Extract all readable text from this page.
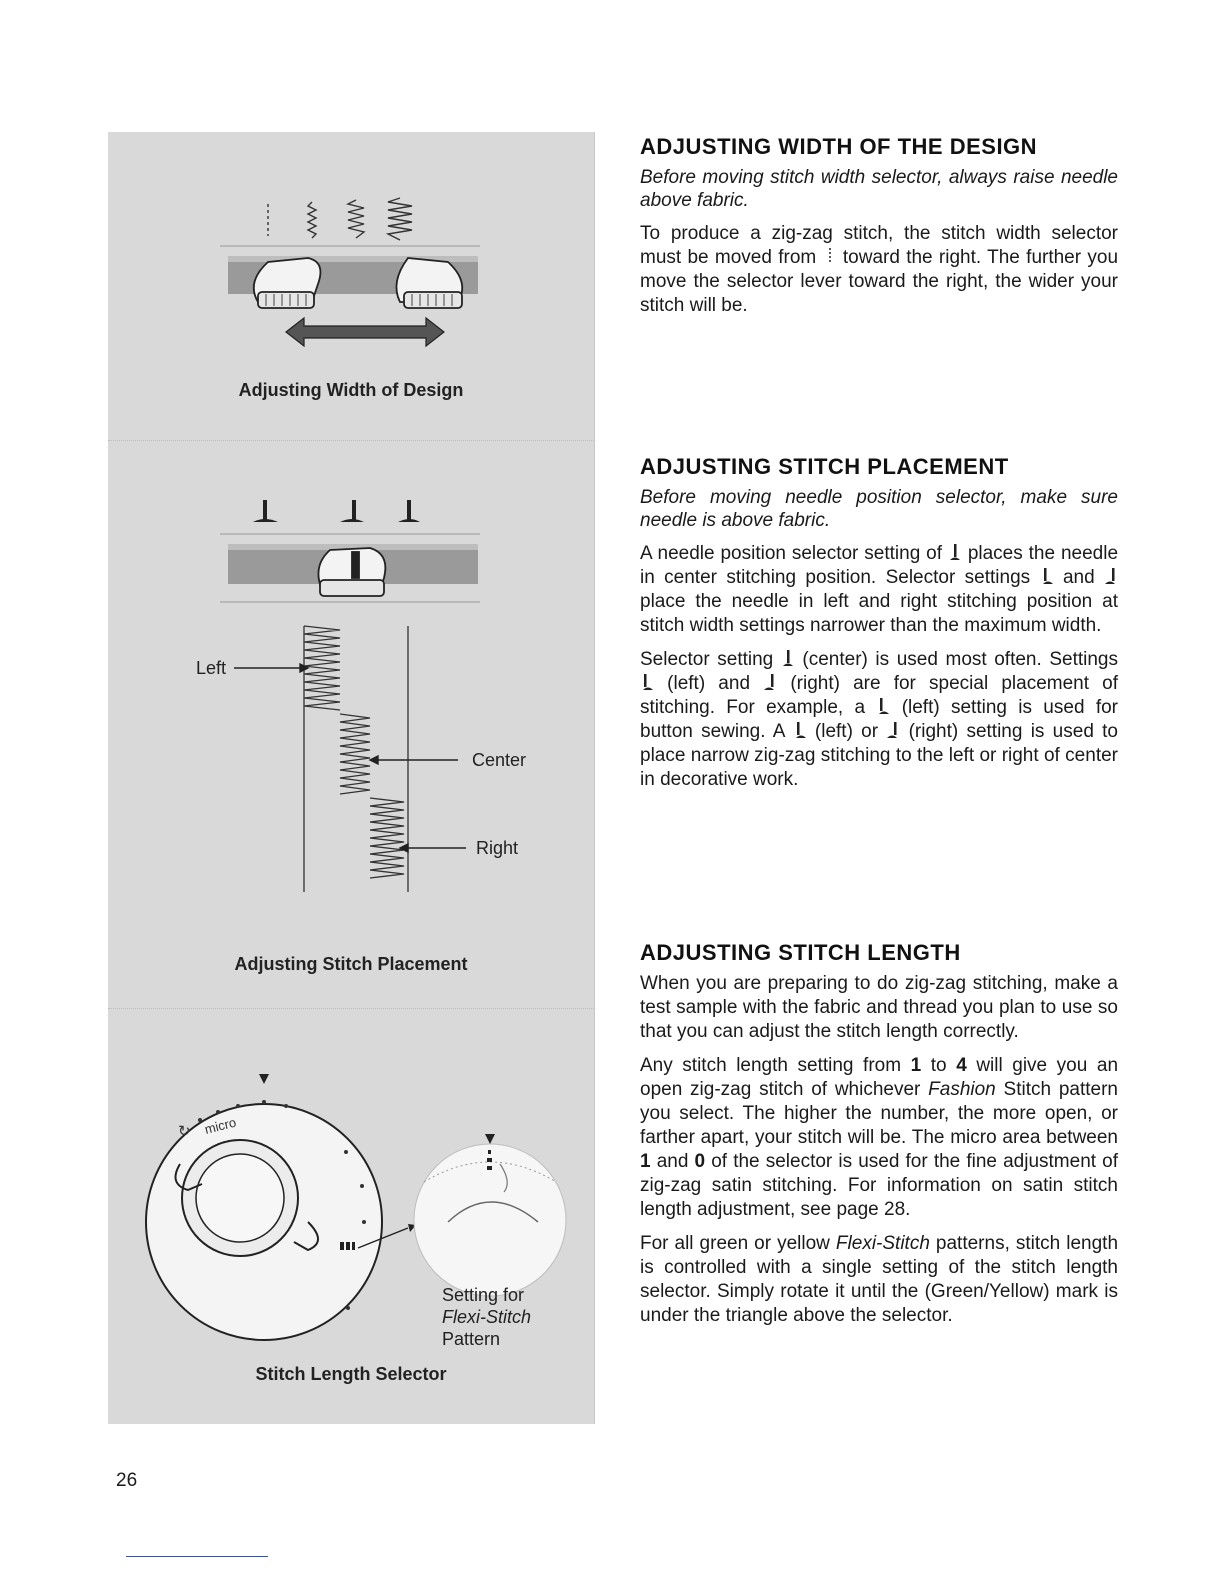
Adjusting Width of Design
Left
Center
Right
Adjusting Stitch Placement
micro
↻
Setting for
Flexi-Stitch
Pattern
Stitch Length Selector
ADJUSTING WIDTH OF THE DESIGN

Before moving stitch width selector, always raise needle above fabric.

To produce a zig-zag stitch, the stitch width selector must be moved from toward the right. The further you move the selector lever toward the right, the wider your stitch will be.

ADJUSTING STITCH PLACEMENT

Before moving needle position selector, make sure needle is above fabric.

A needle position selector setting of places the needle in center stitching position. Selector settings and  place the needle in left and right stitching position at stitch width settings narrower than the maximum width.

Selector setting (center) is used most often. Settings  (left) and (right) are for special placement of stitching. For example, a (left) setting is used for button sewing. A (left) or (right) setting is used to place narrow zig-zag stitching to the left or right of center in decorative work.

ADJUSTING STITCH LENGTH

When you are preparing to do zig-zag stitching, make a test sample with the fabric and thread you plan to use so that you can adjust the stitch length correctly.

Any stitch length setting from 1 to 4 will give you an open zig-zag stitch of whichever Fashion Stitch pattern you select. The higher the number, the more open, or farther apart, your stitch will be. The micro area between 1 and 0 of the selector is used for the fine adjustment of zig-zag satin stitching. For information on satin stitch length adjustment, see page 28.

For all green or yellow Flexi-Stitch patterns, stitch length is controlled with a single setting of the stitch length selector. Simply rotate it until the (Green/Yellow) mark is under the triangle above the selector.

26
